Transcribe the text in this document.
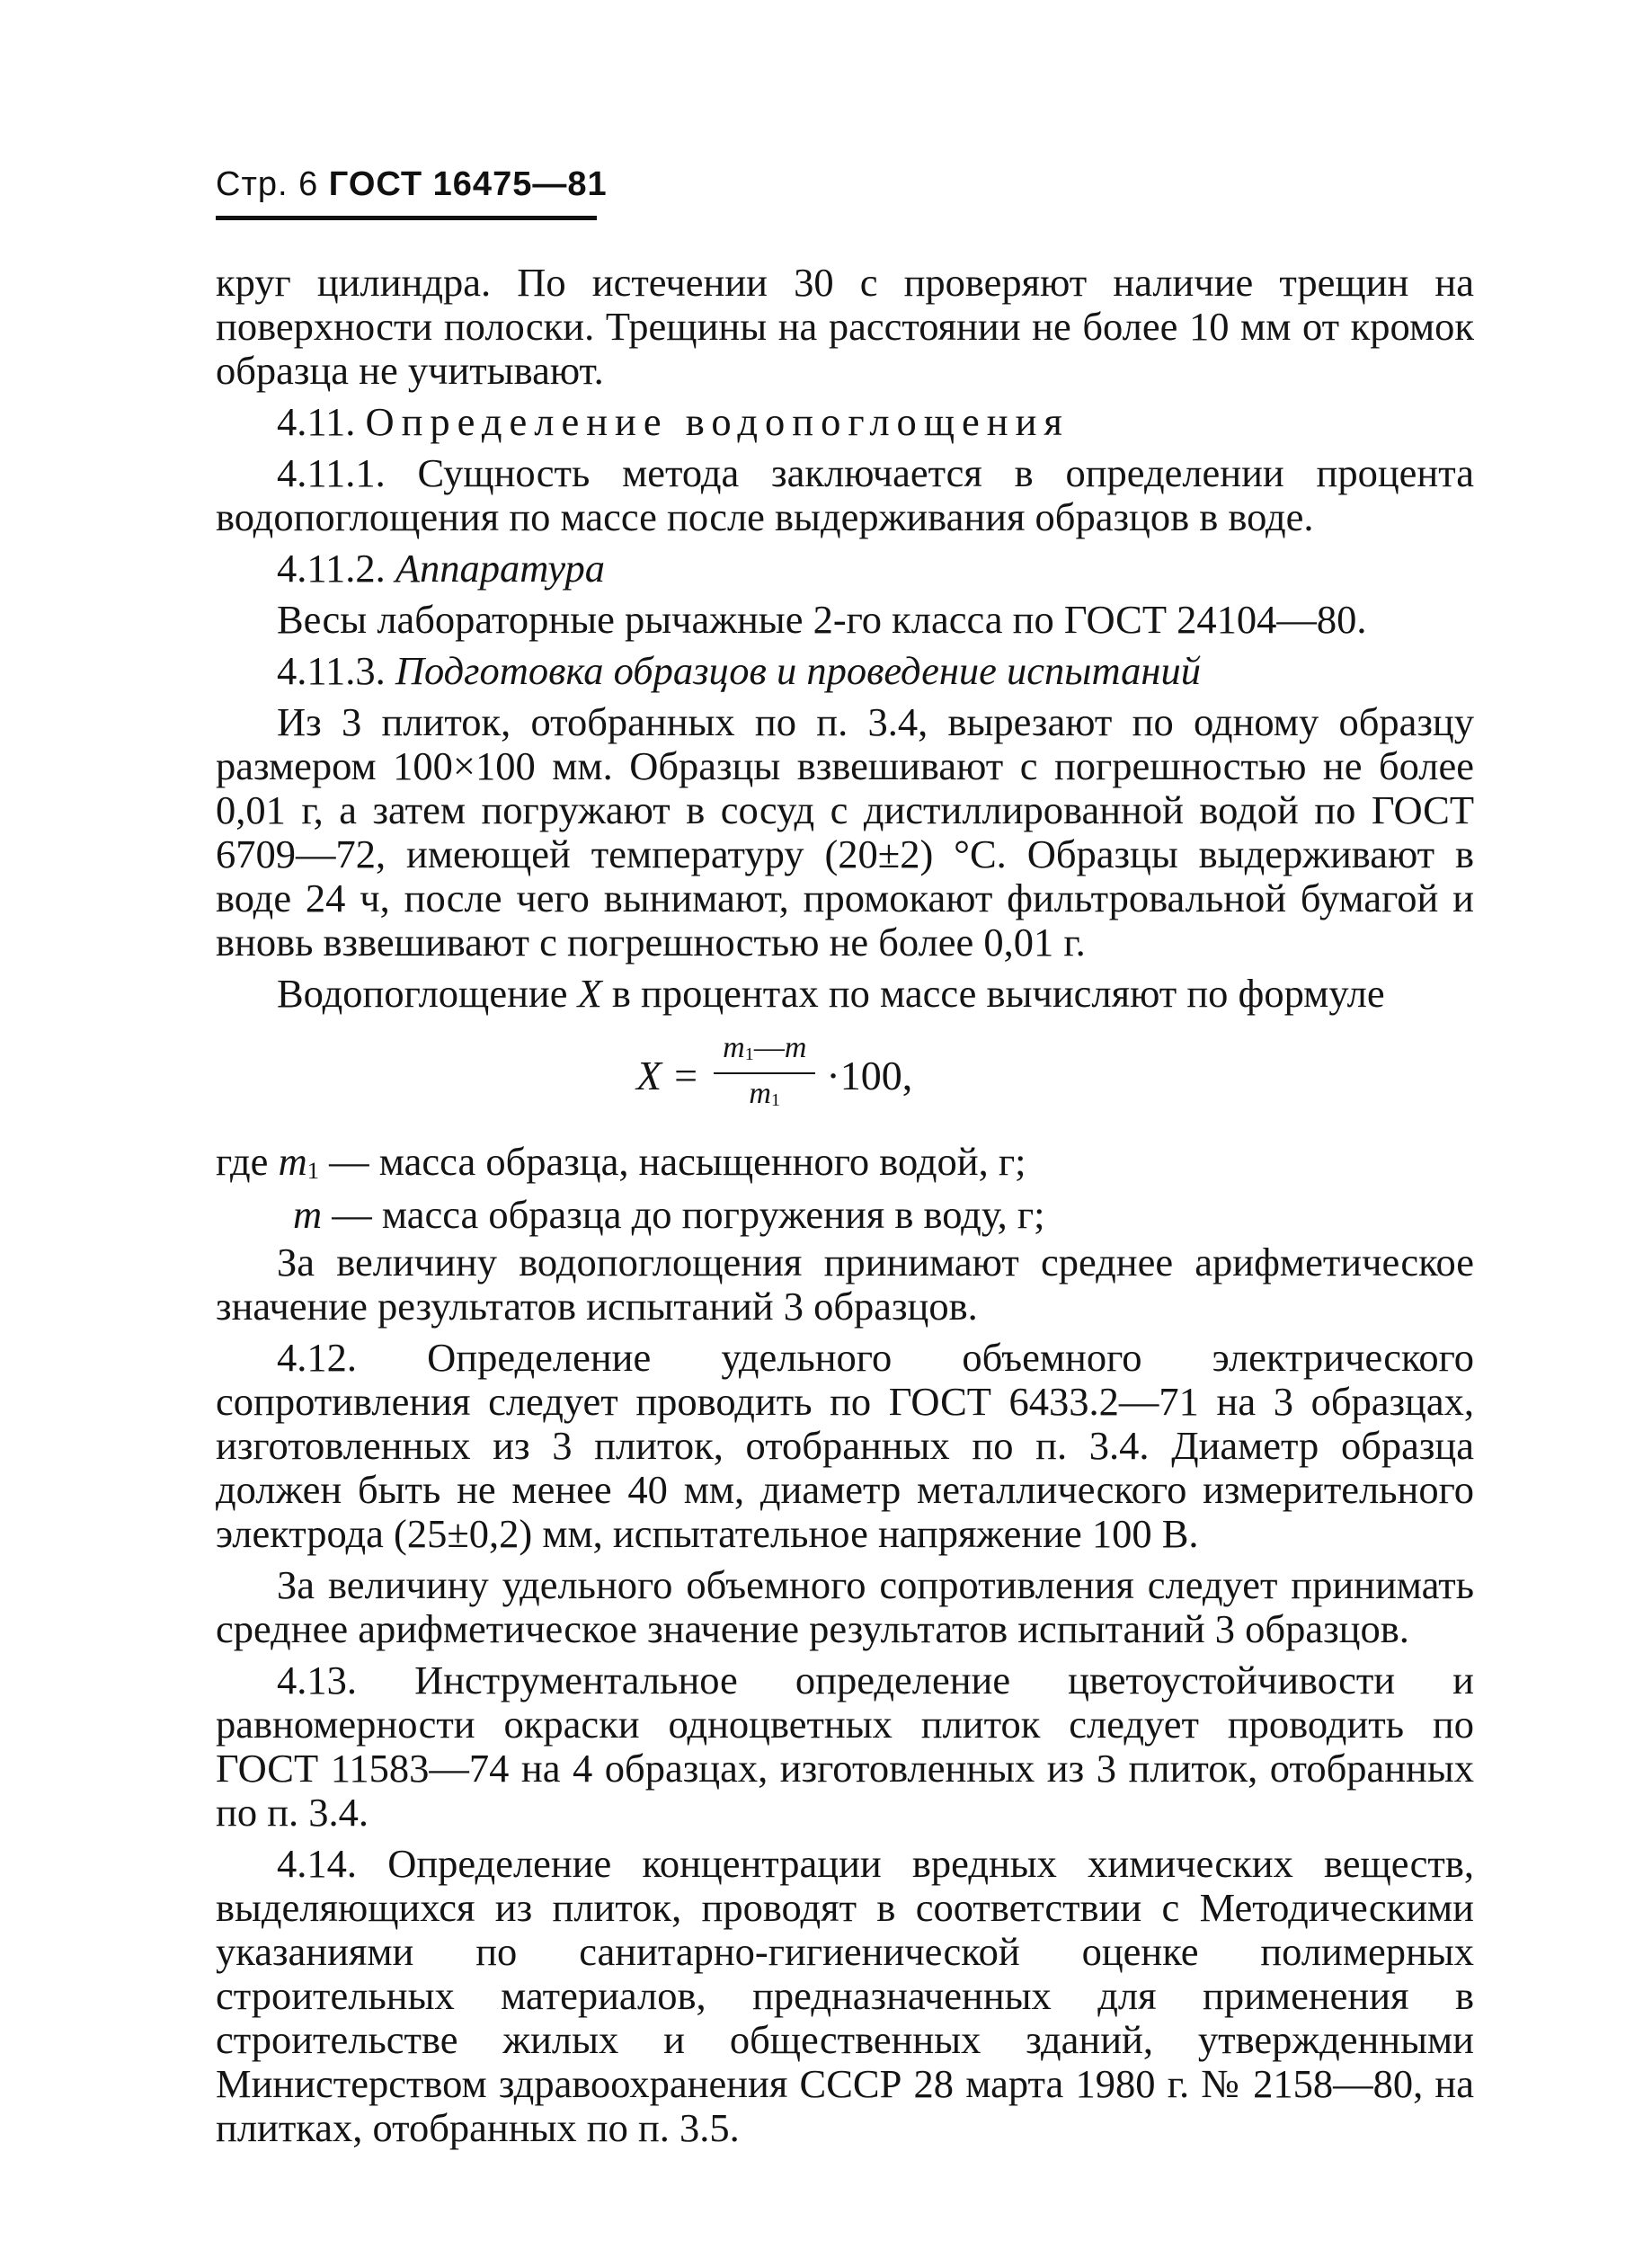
Стр. 6 ГОСТ 16475—81

круг цилиндра. По истечении 30 с проверяют наличие трещин на поверхности полоски. Трещины на расстоянии не более 10 мм от кромок образца не учитывают.

4.11. Определение водопоглощения

4.11.1. Сущность метода заключается в определении процента водопоглощения по массе после выдерживания образцов в воде.

4.11.2. Аппаратура

Весы лабораторные рычажные 2-го класса по ГОСТ 24104—80.

4.11.3. Подготовка образцов и проведение испытаний

Из 3 плиток, отобранных по п. 3.4, вырезают по одному образцу размером 100×100 мм. Образцы взвешивают с погрешностью не более 0,01 г, а затем погружают в сосуд с дистиллированной водой по ГОСТ 6709—72, имеющей температуру (20±2) °С. Образцы выдерживают в воде 24 ч, после чего вынимают, промокают фильтровальной бумагой и вновь взвешивают с погрешностью не более 0,01 г.

Водопоглощение X в процентах по массе вычисляют по формуле

$X = \frac{m_1—m}{m_1} \cdot 100$,
где $m_1$ — масса образца, насыщенного водой, г;
m — масса образца до погружения в воду, г;

За величину водопоглощения принимают среднее арифметическое значение результатов испытаний 3 образцов.

4.12. Определение удельного объемного электрического сопротивления следует проводить по ГОСТ 6433.2—71 на 3 образцах, изготовленных из 3 плиток, отобранных по п. 3.4. Диаметр образца должен быть не менее 40 мм, диаметр металлического измерительного электрода (25±0,2) мм, испытательное напряжение 100 В.

За величину удельного объемного сопротивления следует принимать среднее арифметическое значение результатов испытаний 3 образцов.

4.13. Инструментальное определение цветоустойчивости и равномерности окраски одноцветных плиток следует проводить по ГОСТ 11583—74 на 4 образцах, изготовленных из 3 плиток, отобранных по п. 3.4.

4.14. Определение концентрации вредных химических веществ, выделяющихся из плиток, проводят в соответствии с Методическими указаниями по санитарно-гигиенической оценке полимерных строительных материалов, предназначенных для применения в строительстве жилых и общественных зданий, утвержденными Министерством здравоохранения СССР 28 марта 1980 г. № 2158—80, на плитках, отобранных по п. 3.5.
